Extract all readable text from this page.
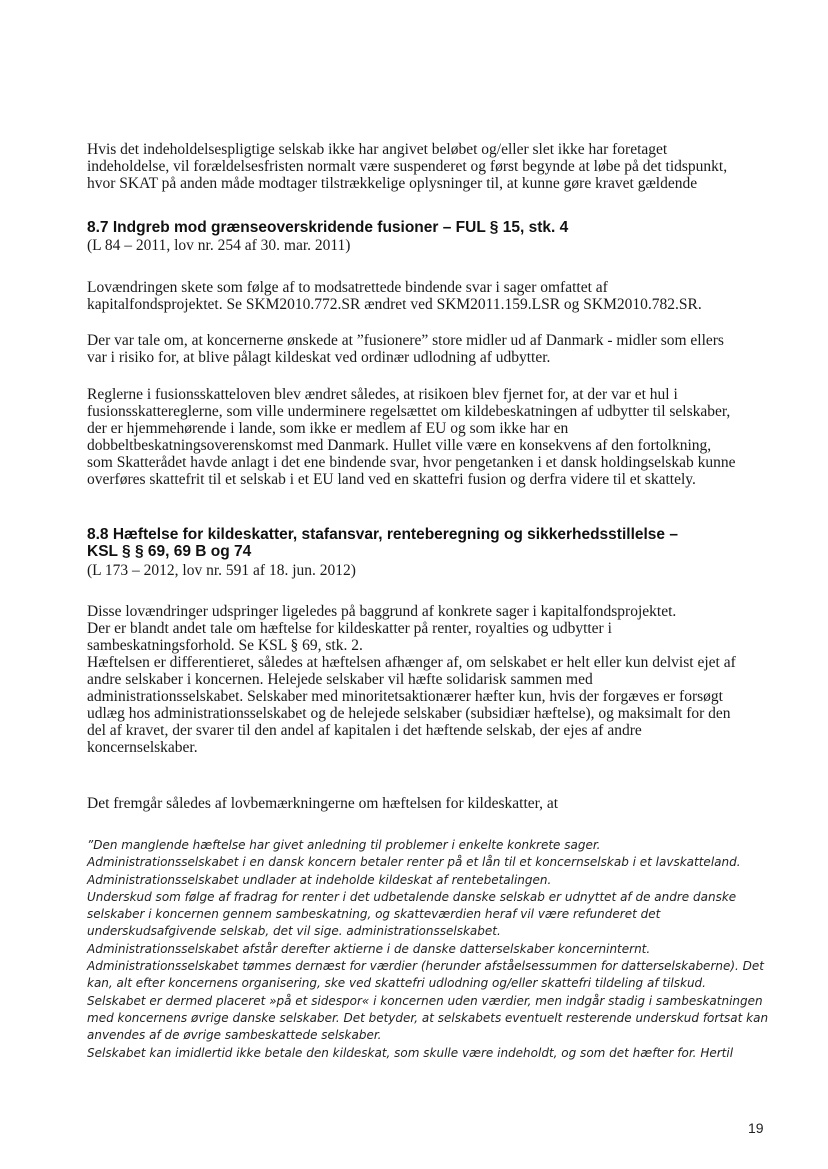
Hvis det indeholdelsespligtige selskab ikke har angivet beløbet og/eller slet ikke har foretaget

indeholdelse, vil forældelsesfristen normalt være suspenderet og først begynde at løbe på det tidspunkt,

hvor SKAT på anden måde modtager tilstrækkelige oplysninger til, at kunne gøre kravet gældende

8.7 Indgreb mod grænseoverskridende fusioner – FUL § 15, stk. 4
(L 84 – 2011, lov nr. 254 af 30. mar. 2011)

Lovændringen skete som følge af to modsatrettede bindende svar i sager omfattet af

kapitalfondsprojektet. Se SKM2010.772.SR ændret ved SKM2011.159.LSR og SKM2010.782.SR.

Der var tale om, at koncernerne ønskede at ”fusionere” store midler ud af Danmark - midler som ellers

var i risiko for, at blive pålagt kildeskat ved ordinær udlodning af udbytter.

Reglerne i fusionsskatteloven blev ændret således, at risikoen blev fjernet for, at der var et hul i

fusionsskattereglerne, som ville underminere regelsættet om kildebeskatningen af udbytter til selskaber,

der er hjemmehørende i lande, som ikke er medlem af EU og som ikke har en

dobbeltbeskatningsoverenskomst med Danmark. Hullet ville være en konsekvens af den fortolkning,

som Skatterådet havde anlagt i det ene bindende svar, hvor pengetanken i et dansk holdingselskab kunne

overføres skattefrit til et selskab i et EU land ved en skattefri fusion og derfra videre til et skattely.

8.8 Hæftelse for kildeskatter, stafansvar, renteberegning og sikkerhedsstillelse –

KSL § § 69, 69 B og 74

(L 173 – 2012, lov nr. 591 af 18. jun. 2012)

Disse lovændringer udspringer ligeledes på baggrund af konkrete sager i kapitalfondsprojektet.

Der er blandt andet tale om hæftelse for kildeskatter på renter, royalties og udbytter i

sambeskatningsforhold. Se KSL § 69, stk. 2.

Hæftelsen er differentieret, således at hæftelsen afhænger af, om selskabet er helt eller kun delvist ejet af

andre selskaber i koncernen. Helejede selskaber vil hæfte solidarisk sammen med

administrationsselskabet. Selskaber med minoritetsaktionærer hæfter kun, hvis der forgæves er forsøgt

udlæg hos administrationsselskabet og de helejede selskaber (subsidiær hæftelse), og maksimalt for den

del af kravet, der svarer til den andel af kapitalen i det hæftende selskab, der ejes af andre

koncernselskaber.

Det fremgår således af lovbemærkningerne om hæftelsen for kildeskatter, at

”Den manglende hæftelse har givet anledning til problemer i enkelte konkrete sager.

Administrationsselskabet i en dansk koncern betaler renter på et lån til et koncernselskab i et lavskatteland.

Administrationsselskabet undlader at indeholde kildeskat af rentebetalingen.

Underskud som følge af fradrag for renter i det udbetalende danske selskab er udnyttet af de andre danske

selskaber i koncernen gennem sambeskatning, og skatteværdien heraf vil være refunderet det

underskudsafgivende selskab, det vil sige. administrationsselskabet.

Administrationsselskabet afstår derefter aktierne i de danske datterselskaber koncerninternt.

Administrationsselskabet tømmes dernæst for værdier (herunder afståelsessummen for datterselskaberne). Det

kan, alt efter koncernens organisering, ske ved skattefri udlodning og/eller skattefri tildeling af tilskud.

Selskabet er dermed placeret »på et sidespor« i koncernen uden værdier, men indgår stadig i sambeskatningen

med koncernens øvrige danske selskaber. Det betyder, at selskabets eventuelt resterende underskud fortsat kan

anvendes af de øvrige sambeskattede selskaber.

Selskabet kan imidlertid ikke betale den kildeskat, som skulle være indeholdt, og som det hæfter for. Hertil

19
